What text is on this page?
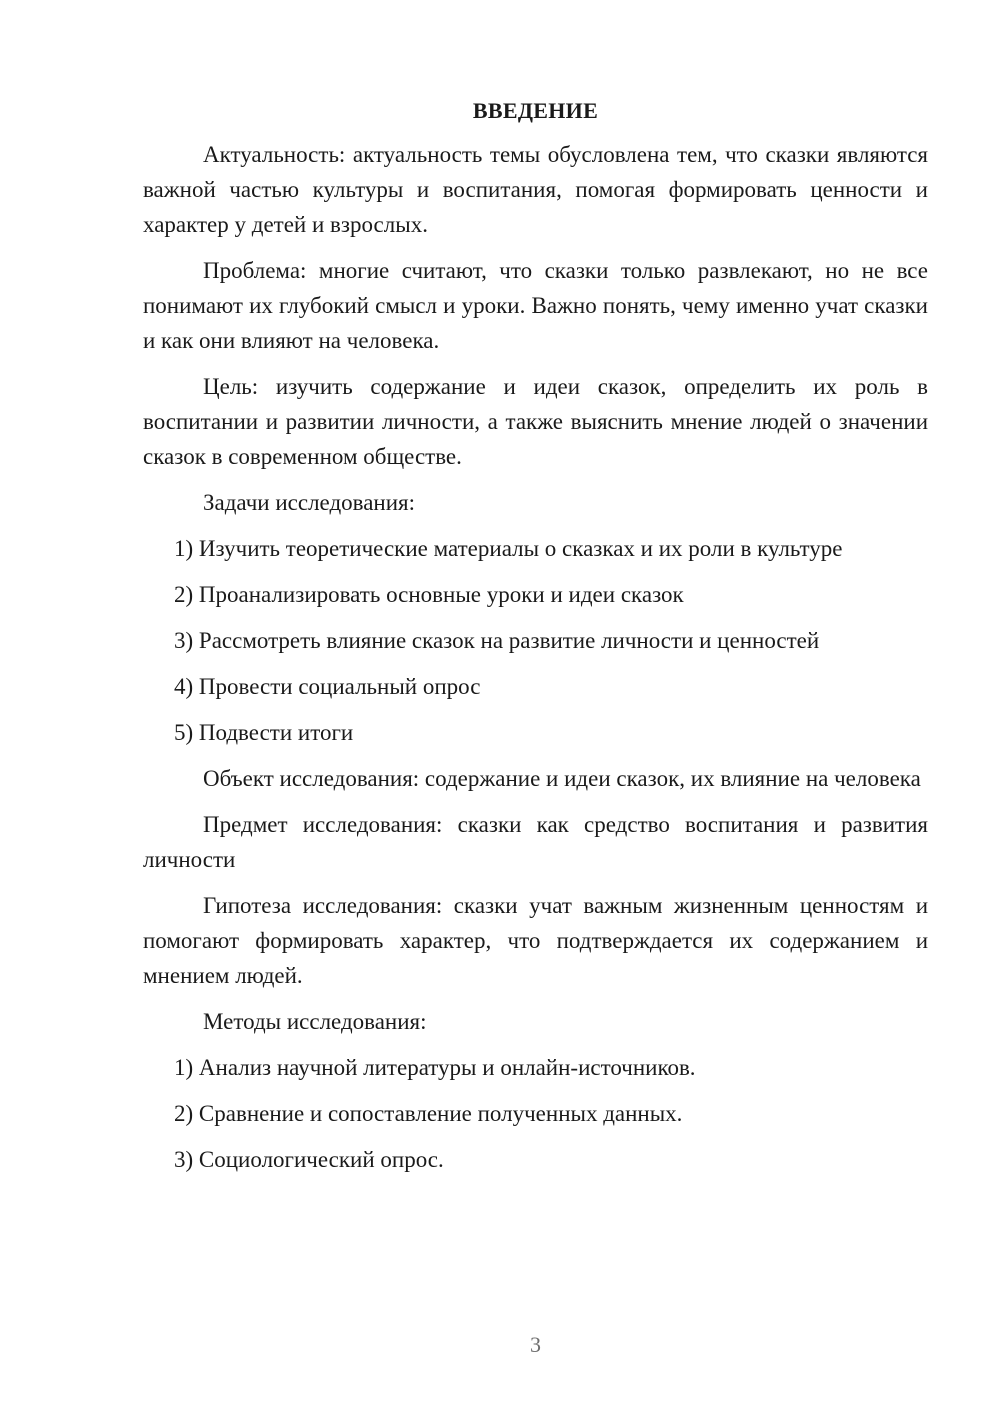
ВВЕДЕНИЕ

Актуальность: актуальность темы обусловлена тем, что сказки являются важной частью культуры и воспитания, помогая формировать ценности и характер у детей и взрослых.

Проблема: многие считают, что сказки только развлекают, но не все понимают их глубокий смысл и уроки. Важно понять, чему именно учат сказки и как они влияют на человека.

Цель: изучить содержание и идеи сказок, определить их роль в воспитании и развитии личности, а также выяснить мнение людей о значении сказок в современном обществе.

Задачи исследования:

1) Изучить теоретические материалы о сказках и их роли в культуре

2) Проанализировать основные уроки и идеи сказок

3) Рассмотреть влияние сказок на развитие личности и ценностей

4) Провести социальный опрос

5) Подвести итоги

Объект исследования: содержание и идеи сказок, их влияние на человека

Предмет исследования: сказки как средство воспитания и развития личности

Гипотеза исследования: сказки учат важным жизненным ценностям и помогают формировать характер, что подтверждается их содержанием и мнением людей.

Методы исследования:

1) Анализ научной литературы и онлайн-источников.

2) Сравнение и сопоставление полученных данных.

3) Социологический опрос.

3
